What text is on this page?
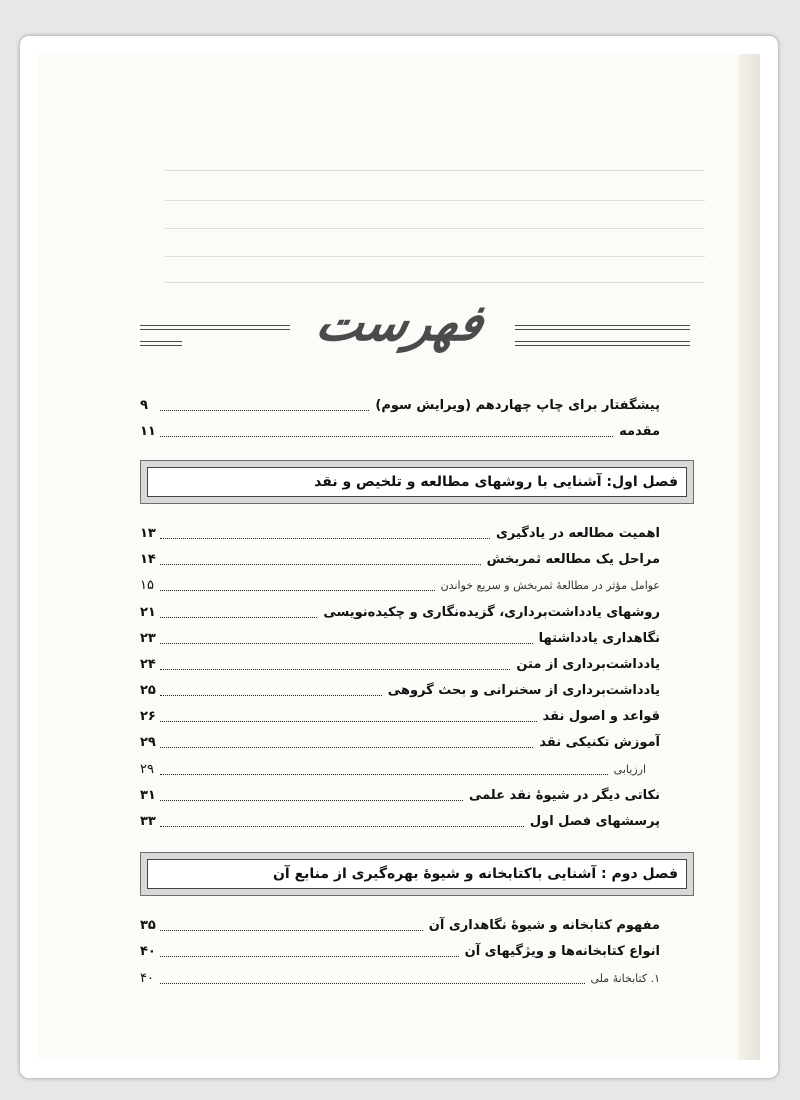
فهرست
پیشگفتار برای چاپ چهاردهم (ویرایش سوم)
۹
مقدمه
۱۱
فصل اول: آشنایی با روشهای مطالعه و تلخیص و نقد
اهمیت مطالعه در یادگیری
۱۳
مراحل یک مطالعه ثمربخش
۱۴
عوامل مؤثر در مطالعهٔ ثمربخش و سریع خواندن
۱۵
روشهای یادداشت‌برداری، گزیده‌نگاری و چکیده‌نویسی
۲۱
نگاهداری یادداشتها
۲۳
یادداشت‌برداری از متن
۲۴
یادداشت‌برداری از سخنرانی و بحث گروهی
۲۵
قواعد و اصول نقد
۲۶
آموزش تکنیکی نقد
۲۹
ارزیابی
۲۹
نکاتی دیگر در شیوهٔ نقد علمی
۳۱
پرسشهای فصل اول
۳۳
فصل دوم : آشنایی باکتابخانه و شیوهٔ بهره‌گیری از منابع آن
مفهوم کتابخانه و شیوهٔ نگاهداری آن
۳۵
انواع کتابخانه‌ها و ویژگیهای آن
۴۰
۱. کتابخانهٔ ملی
۴۰
